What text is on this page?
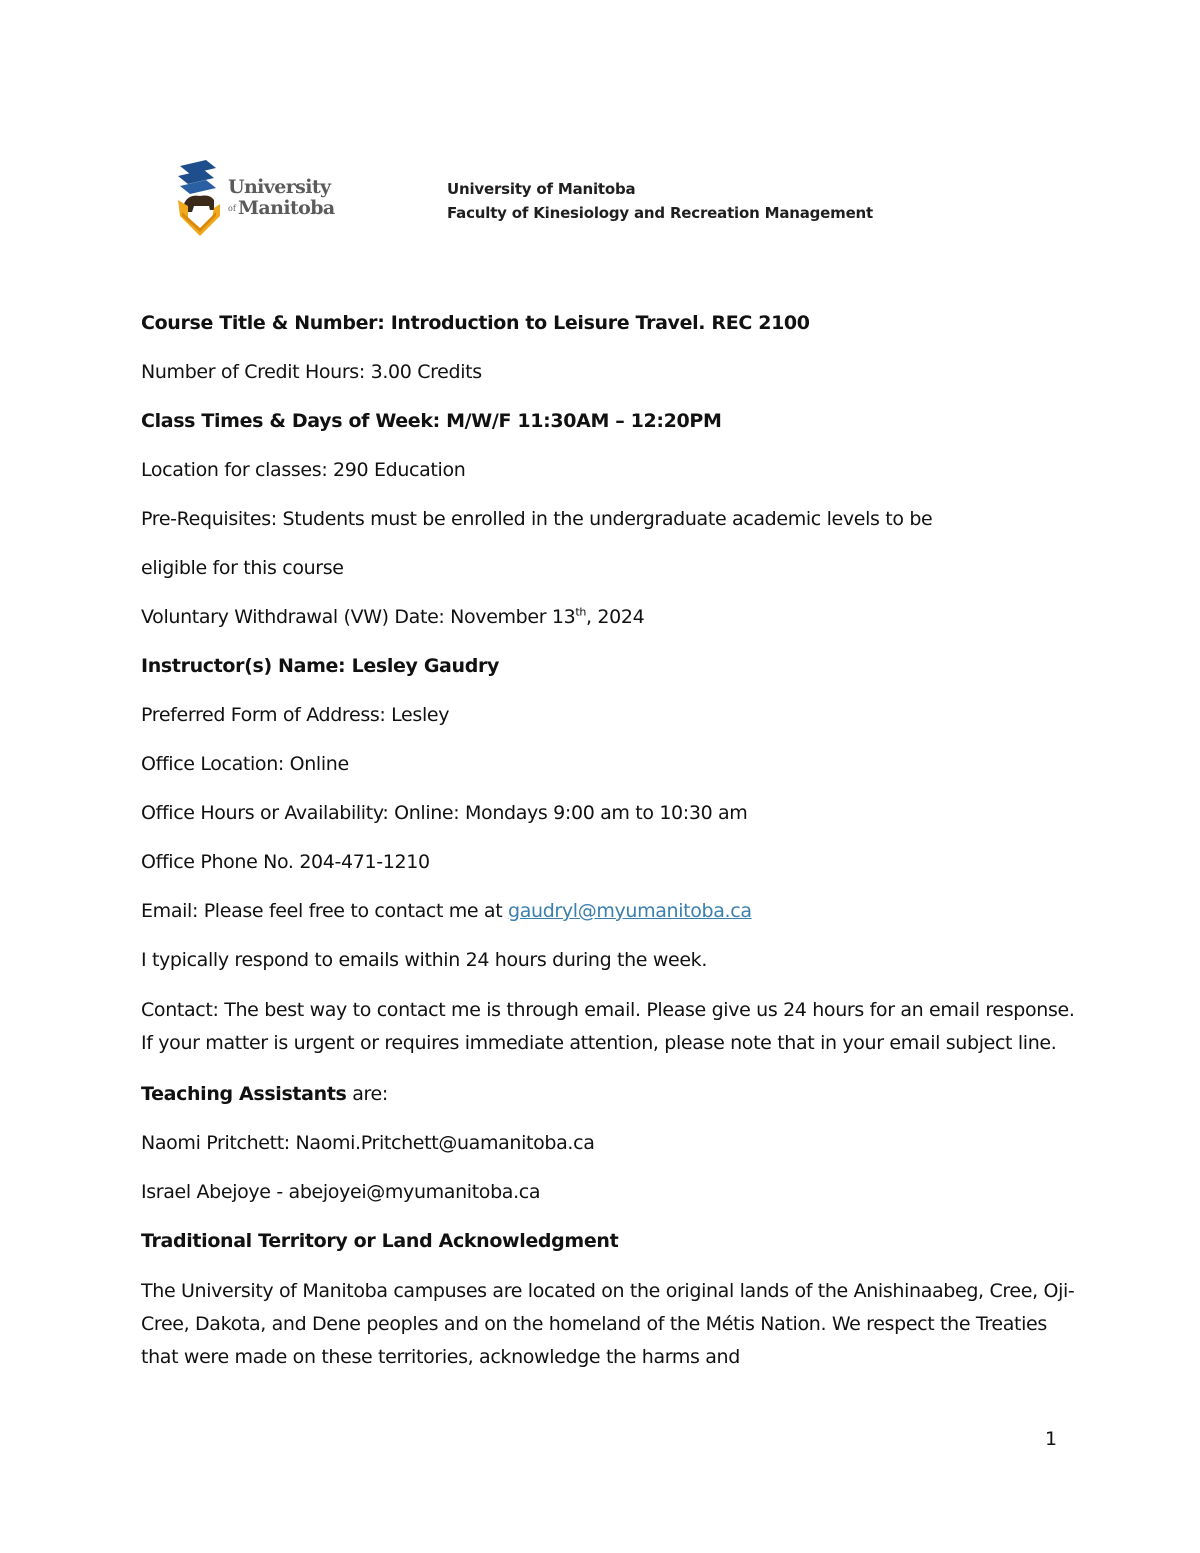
University
of Manitoba
University of Manitoba
Faculty of Kinesiology and Recreation Management

Course Title & Number: Introduction to Leisure Travel. REC 2100

Number of Credit Hours: 3.00 Credits

Class Times & Days of Week: M/W/F 11:30AM – 12:20PM

Location for classes: 290 Education

Pre-Requisites: Students must be enrolled in the undergraduate academic levels to be

eligible for this course

Voluntary Withdrawal (VW) Date: November 13th, 2024

Instructor(s) Name: Lesley Gaudry

Preferred Form of Address: Lesley

Office Location: Online

Office Hours or Availability: Online: Mondays 9:00 am to 10:30 am

Office Phone No. 204-471-1210

Email: Please feel free to contact me at gaudryl@myumanitoba.ca

I typically respond to emails within 24 hours during the week.

Contact: The best way to contact me is through email. Please give us 24 hours for an email response. If your matter is urgent or requires immediate attention, please note that in your email subject line.

Teaching Assistants are:

Naomi Pritchett: Naomi.Pritchett@uamanitoba.ca

Israel Abejoye - abejoyei@myumanitoba.ca

Traditional Territory or Land Acknowledgment

The University of Manitoba campuses are located on the original lands of the Anishinaabeg, Cree, Oji-Cree, Dakota, and Dene peoples and on the homeland of the Métis Nation. We respect the Treaties that were made on these territories, acknowledge the harms and

1
